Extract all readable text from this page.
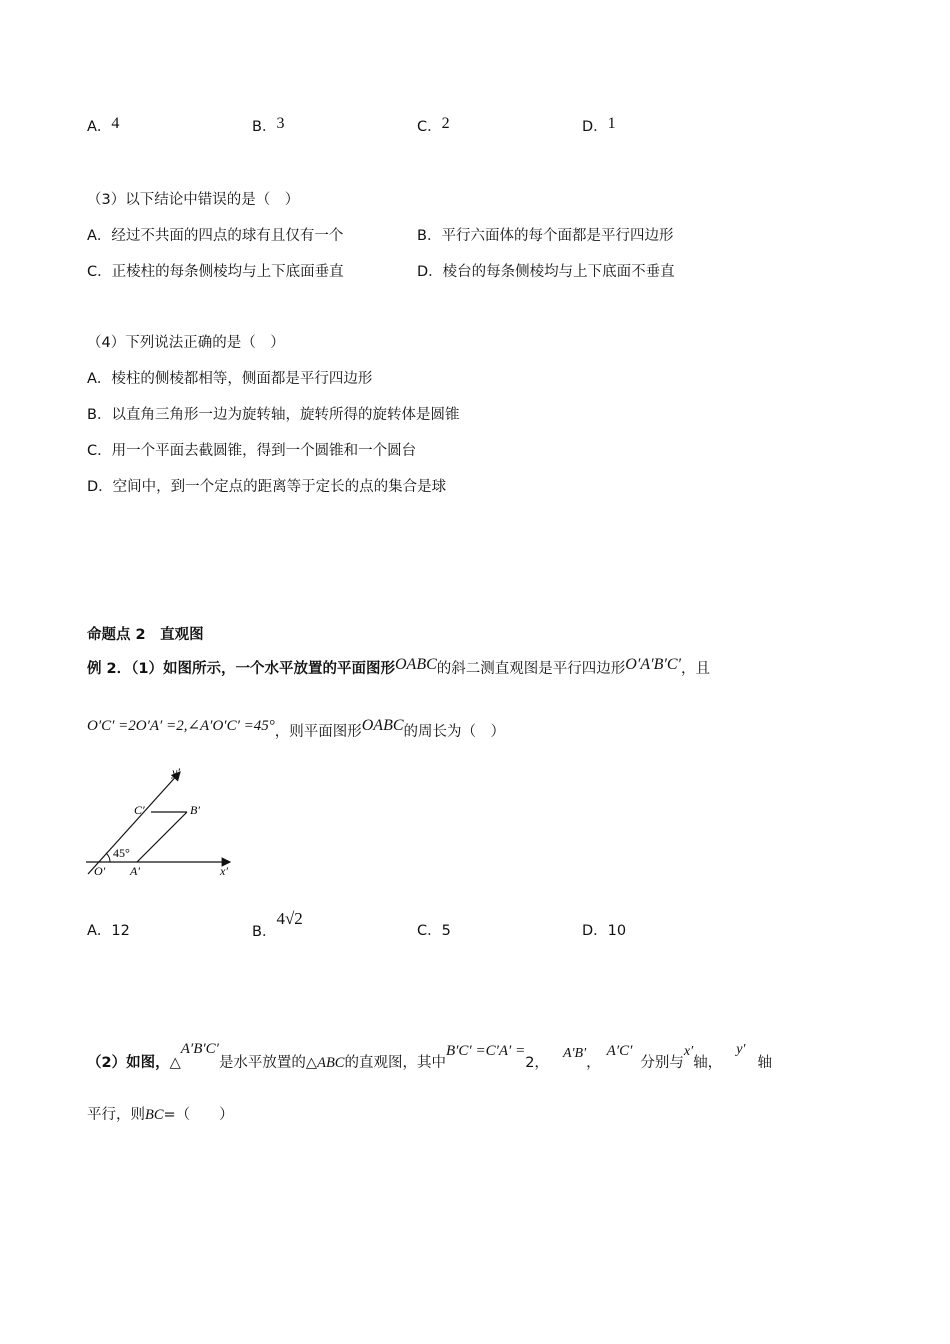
A．4	B．3	C．2	D．1
（3）以下结论中错误的是（　）
A．经过不共面的四点的球有且仅有一个	B．平行六面体的每个面都是平行四边形
C．正棱柱的每条侧棱均与上下底面垂直	D．棱台的每条侧棱均与上下底面不垂直
（4）下列说法正确的是（　）
A．棱柱的侧棱都相等，侧面都是平行四边形
B．以直角三角形一边为旋转轴，旋转所得的旋转体是圆锥
C．用一个平面去截圆锥，得到一个圆锥和一个圆台
D．空间中，到一个定点的距离等于定长的点的集合是球
命题点 2　直观图
例 2．（1）如图所示，一个水平放置的平面图形OABC的斜二测直观图是平行四边形O′A′B′C′，且
O′C′ =2O′A′ =2,∠A′O′C′ =45°，则平面图形OABC的周长为（　）
y′
C′	B′
45°
O′ A′	x′
A．12	B．4√2
C．5	D．10
（2）如图，△A′B′C′是水平放置的△ABC的直观图，其中B′C′ =C′A′ =2，A′B′，A′C′分别与x′轴，y′轴
平行，则BC=（　　）
